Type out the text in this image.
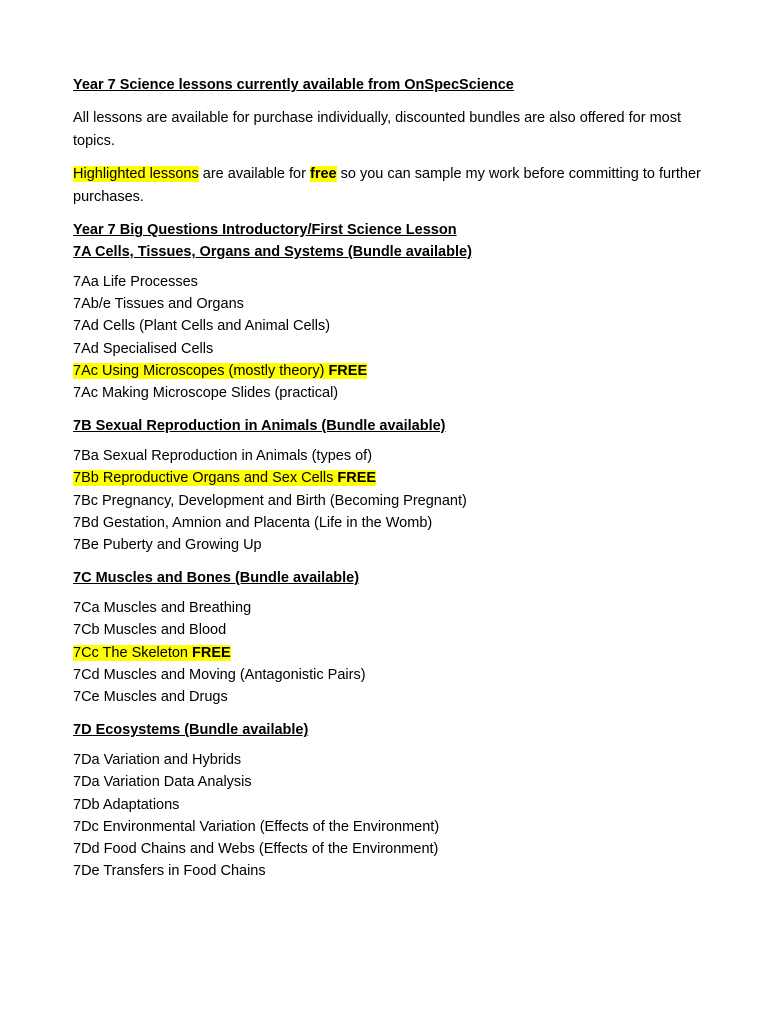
Year 7 Science lessons currently available from OnSpecScience

All lessons are available for purchase individually, discounted bundles are also offered for most topics.

Highlighted lessons are available for free so you can sample my work before committing to further purchases.

Year 7 Big Questions Introductory/First Science Lesson

7A Cells, Tissues, Organs and Systems (Bundle available)

7Aa Life Processes
7Ab/e Tissues and Organs
7Ad Cells (Plant Cells and Animal Cells)
7Ad Specialised Cells
7Ac Using Microscopes (mostly theory) FREE
7Ac Making Microscope Slides (practical)

7B Sexual Reproduction in Animals (Bundle available)

7Ba Sexual Reproduction in Animals (types of)
7Bb Reproductive Organs and Sex Cells FREE
7Bc Pregnancy, Development and Birth (Becoming Pregnant)
7Bd Gestation, Amnion and Placenta (Life in the Womb)
7Be Puberty and Growing Up

7C Muscles and Bones (Bundle available)

7Ca Muscles and Breathing
7Cb Muscles and Blood
7Cc The Skeleton FREE
7Cd Muscles and Moving (Antagonistic Pairs)
7Ce Muscles and Drugs

7D Ecosystems (Bundle available)

7Da Variation and Hybrids
7Da Variation Data Analysis
7Db Adaptations
7Dc Environmental Variation (Effects of the Environment)
7Dd Food Chains and Webs (Effects of the Environment)
7De Transfers in Food Chains
